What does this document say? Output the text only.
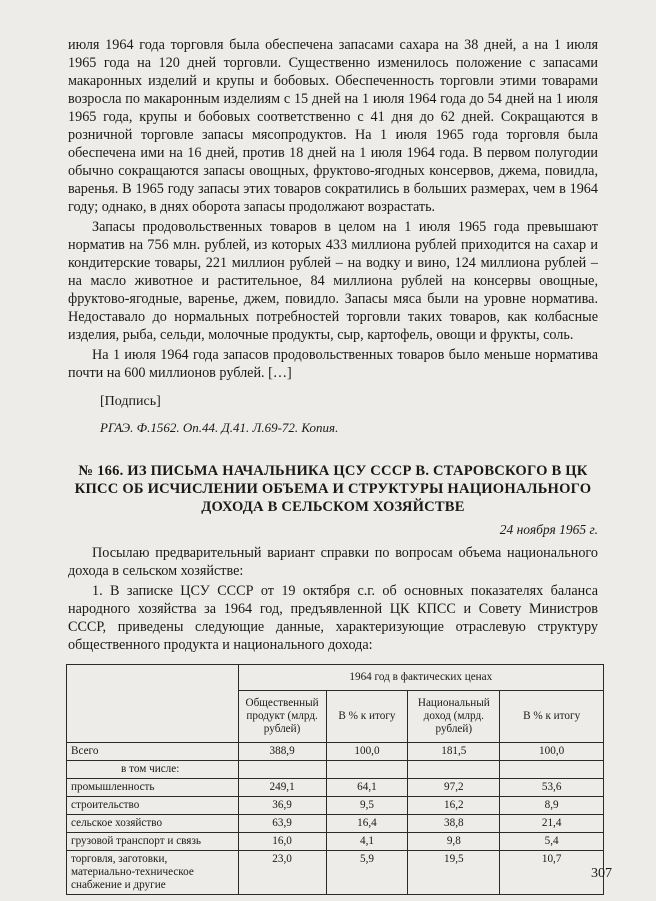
июля 1964 года торговля была обеспечена запасами сахара на 38 дней, а на 1 июля 1965 года на 120 дней торговли. Существенно изменилось положение с запасами макаронных изделий и крупы и бобовых. Обеспеченность торговли этими товарами возросла по макаронным изделиям с 15 дней на 1 июля 1964 года до 54 дней на 1 июля 1965 года, крупы и бобовых соответственно с 41 дня до 62 дней. Сокращаются в розничной торговле запасы мясопродуктов. На 1 июля 1965 года торговля была обеспечена ими на 16 дней, против 18 дней на 1 июля 1964 года. В первом полугодии обычно сокращаются запасы овощных, фруктово-ягодных консервов, джема, повидла, варенья. В 1965 году запасы этих товаров сократились в больших размерах, чем в 1964 году; однако, в днях оборота запасы продолжают возрастать.

Запасы продовольственных товаров в целом на 1 июля 1965 года превышают норматив на 756 млн. рублей, из которых 433 миллиона рублей приходится на сахар и кондитерские товары, 221 миллион рублей – на водку и вино, 124 миллиона рублей – на масло животное и растительное, 84 миллиона рублей на консервы овощные, фруктово-ягодные, варенье, джем, повидло. Запасы мяса были на уровне норматива. Недоставало до нормальных потребностей торговли таких товаров, как колбасные изделия, рыба, сельди, молочные продукты, сыр, картофель, овощи и фрукты, соль.

На 1 июля 1964 года запасов продовольственных товаров было меньше норматива почти на 600 миллионов рублей. […]

[Подпись]
РГАЭ. Ф.1562. Оп.44. Д.41. Л.69-72. Копия.
№ 166. ИЗ ПИСЬМА НАЧАЛЬНИКА ЦСУ СССР В. СТАРОВСКОГО В ЦК КПСС ОБ ИСЧИСЛЕНИИ ОБЪЕМА И СТРУКТУРЫ НАЦИОНАЛЬНОГО ДОХОДА В СЕЛЬСКОМ ХОЗЯЙСТВЕ
24 ноября 1965 г.

Посылаю предварительный вариант справки по вопросам объема национального дохода в сельском хозяйстве:

1. В записке ЦСУ СССР от 19 октября с.г. об основных показателях баланса народного хозяйства за 1964 год, предъявленной ЦК КПСС и Совету Министров СССР, приведены следующие данные, характеризующие отраслевую структуру общественного продукта и национального дохода:

	1964 год в фактических ценах			
	Общественный продукт (млрд. рублей)	В % к итогу	Национальный доход (млрд. рублей)	В % к итогу
Всего	388,9	100,0	181,5	100,0
в том числе:				
промышленность	249,1	64,1	97,2	53,6
строительство	36,9	9,5	16,2	8,9
сельское хозяйство	63,9	16,4	38,8	21,4
грузовой транспорт и связь	16,0	4,1	9,8	5,4
торговля, заготовки, материально-техническое снабжение и другие	23,0	5,9	19,5	10,7
307
